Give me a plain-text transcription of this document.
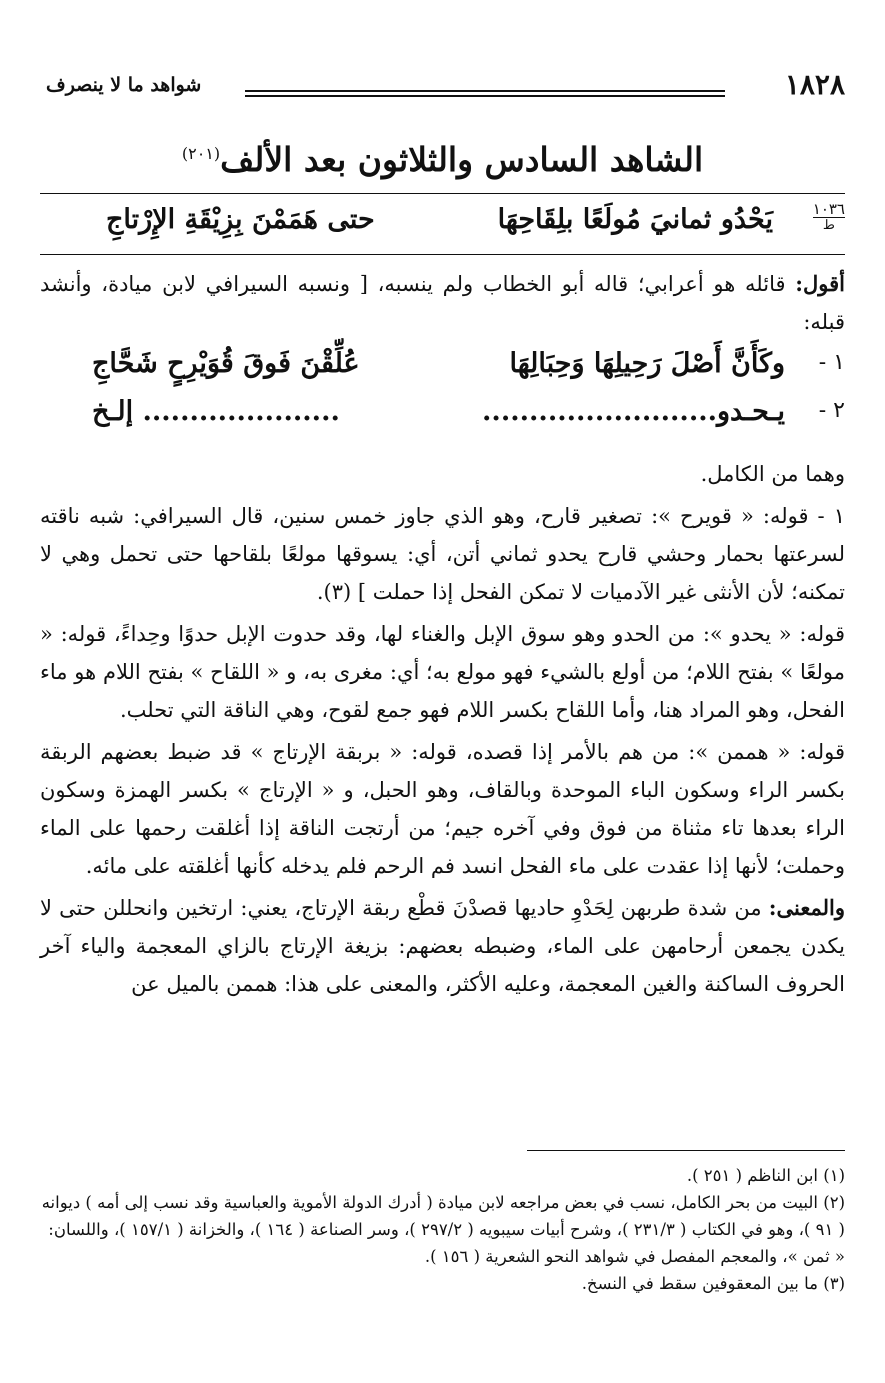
شواهد ما لا ينصرف	١٨٢٨
الشاهد السادس والثلاثون بعد الألف$^{(٢٠١)}$
١٠٣٦
ط
يَحْدُو ثمانيَ مُولَعًا بلِقَاحِهَا
حتى هَمَمْنَ بِزِيْقَةِ الإِرْتاجِ

أقول: قائله هو أعرابي؛ قاله أبو الخطاب ولم ينسبه، [ ونسبه السيرافي لابن ميادة، وأنشد قبله:

١ -
وكَأَنَّ أَصْلَ رَحِيلِهَا وَحِبَالِهَا
عُلِّقْنَ فَوقَ قُوَيْرِحٍ شَحَّاجِ
٢ -
يـحـدو.........................
..................... إلـخ

وهما من الكامل.

١ - قوله: « قويرح »: تصغير قارح، وهو الذي جاوز خمس سنين، قال السيرافي: شبه ناقته لسرعتها بحمار وحشي قارح يحدو ثماني أتن، أي: يسوقها مولعًا بلقاحها حتى تحمل وهي لا تمكنه؛ لأن الأنثى غير الآدميات لا تمكن الفحل إذا حملت ] (٣).

قوله: « يحدو »: من الحدو وهو سوق الإبل والغناء لها، وقد حدوت الإبل حدوًا وحِداءً، قوله: « مولعًا » بفتح اللام؛ من أولع بالشيء فهو مولع به؛ أي: مغرى به، و « اللقاح » بفتح اللام هو ماء الفحل، وهو المراد هنا، وأما اللقاح بكسر اللام فهو جمع لقوح، وهي الناقة التي تحلب.

قوله: « هممن »: من هم بالأمر إذا قصده، قوله: « بربقة الإرتاج » قد ضبط بعضهم الربقة بكسر الراء وسكون الباء الموحدة وبالقاف، وهو الحبل، و « الإرتاج » بكسر الهمزة وسكون الراء بعدها تاء مثناة من فوق وفي آخره جيم؛ من أرتجت الناقة إذا أغلقت رحمها على الماء وحملت؛ لأنها إذا عقدت على ماء الفحل انسد فم الرحم فلم يدخله كأنها أغلقته على مائه.

والمعنى: من شدة طربهن لِحَدْوِ حاديها قصدْنَ قطْع ربقة الإرتاج، يعني: ارتخين وانحللن حتى لا يكدن يجمعن أرحامهن على الماء، وضبطه بعضهم: بزيغة الإرتاج بالزاي المعجمة والياء آخر الحروف الساكنة والغين المعجمة، وعليه الأكثر، والمعنى على هذا: هممن بالميل عن

(١) ابن الناظم ( ٢٥١ ).

(٢) البيت من بحر الكامل، نسب في بعض مراجعه لابن ميادة ( أدرك الدولة الأموية والعباسية وقد نسب إلى أمه ) ديوانه ( ٩١ )، وهو في الكتاب ( ٢٣١/٣ )، وشرح أبيات سيبويه ( ٢٩٧/٢ )، وسر الصناعة ( ١٦٤ )، والخزانة ( ١٥٧/١ )، واللسان: « ثمن »، والمعجم المفصل في شواهد النحو الشعرية ( ١٥٦ ).

(٣) ما بين المعقوفين سقط في النسخ.
